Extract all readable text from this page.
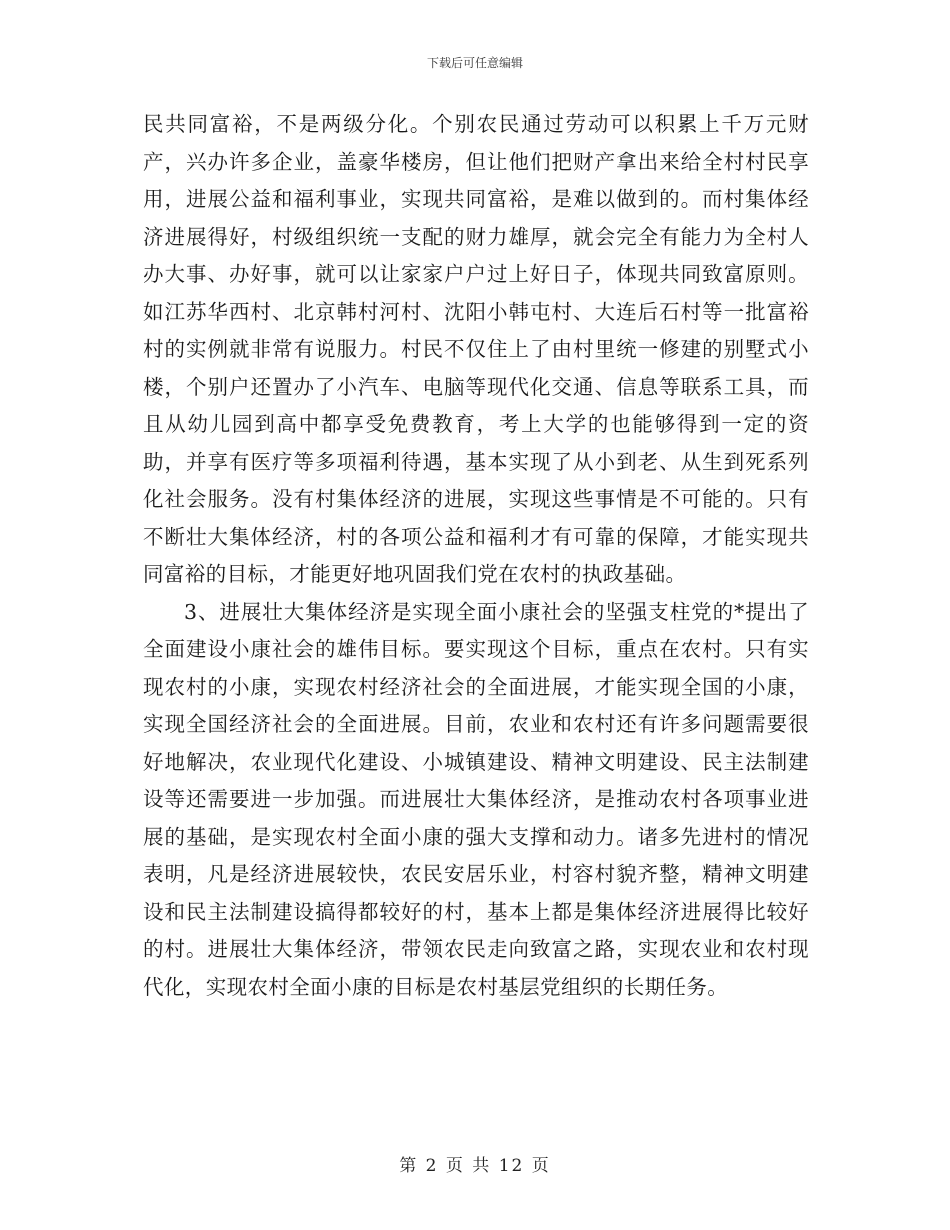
下载后可任意编辑

民共同富裕，不是两级分化。个别农民通过劳动可以积累上千万元财产，兴办许多企业，盖豪华楼房，但让他们把财产拿出来给全村村民享用，进展公益和福利事业，实现共同富裕，是难以做到的。而村集体经济进展得好，村级组织统一支配的财力雄厚，就会完全有能力为全村人办大事、办好事，就可以让家家户户过上好日子，体现共同致富原则。如江苏华西村、北京韩村河村、沈阳小韩屯村、大连后石村等一批富裕村的实例就非常有说服力。村民不仅住上了由村里统一修建的别墅式小楼，个别户还置办了小汽车、电脑等现代化交通、信息等联系工具，而且从幼儿园到高中都享受免费教育，考上大学的也能够得到一定的资助，并享有医疗等多项福利待遇，基本实现了从小到老、从生到死系列化社会服务。没有村集体经济的进展，实现这些事情是不可能的。只有不断壮大集体经济，村的各项公益和福利才有可靠的保障，才能实现共同富裕的目标，才能更好地巩固我们党在农村的执政基础。

3、进展壮大集体经济是实现全面小康社会的坚强支柱党的*提出了全面建设小康社会的雄伟目标。要实现这个目标，重点在农村。只有实现农村的小康，实现农村经济社会的全面进展，才能实现全国的小康，实现全国经济社会的全面进展。目前，农业和农村还有许多问题需要很好地解决，农业现代化建设、小城镇建设、精神文明建设、民主法制建设等还需要进一步加强。而进展壮大集体经济，是推动农村各项事业进展的基础，是实现农村全面小康的强大支撑和动力。诸多先进村的情况表明，凡是经济进展较快，农民安居乐业，村容村貌齐整，精神文明建设和民主法制建设搞得都较好的村，基本上都是集体经济进展得比较好的村。进展壮大集体经济，带领农民走向致富之路，实现农业和农村现代化，实现农村全面小康的目标是农村基层党组织的长期任务。

第 2 页 共 12 页
